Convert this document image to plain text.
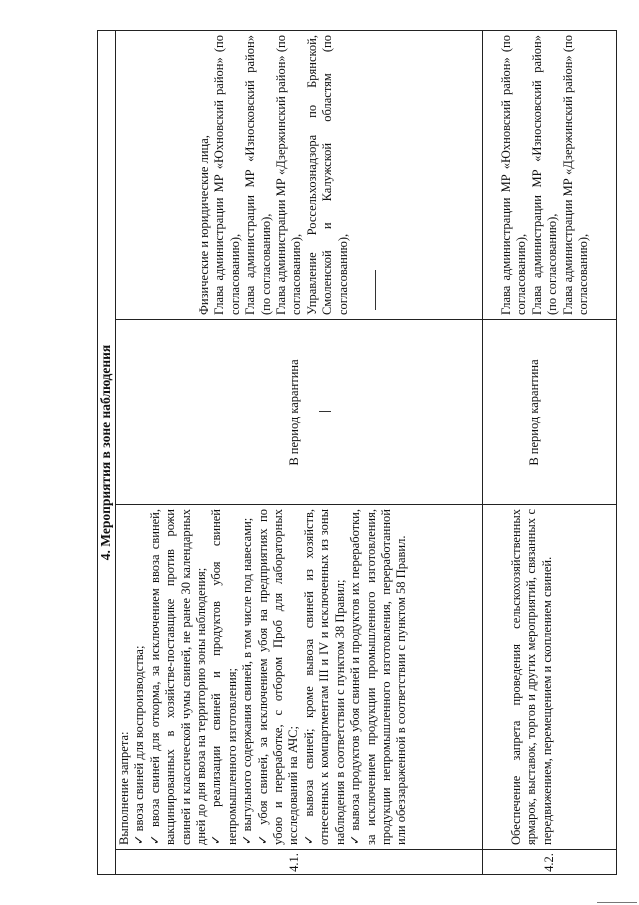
4. Мероприятия в зоне наблюдения
4.1.

Выполнение запрета: ✓ ввоза свиней для воспроизводства; ✓ ввоза свиней для откорма, за исключением ввоза свиней, вакцинированных в хозяйстве-поставщике против рожи свиней и классической чумы свиней, не ранее 30 календарных дней до дня ввоза на территорию зоны наблюдения; ✓ реализации свиней и продуктов убоя свиней непромышленного изготовления; ✓ выгульного содержания свиней, в том числе под навесами; ✓ убоя свиней, за исключением убоя на предприятиях по убою и переработке, с отбором Проб для лабораторных исследований на АЧС; ✓ вывоза свиней; кроме вывоза свиней из хозяйств, отнесенных к компартментам III и IV и исключенных из зоны наблюдения в соответствии с пунктом 38 Правил; ✓ вывоза продуктов убоя свиней и продуктов их переработки, за исключением продукции промышленного изготовления, продукции непромышленного изготовления, переработанной или обеззараженной в соответствии с пунктом 58 Правил.

В период карантина

Физические и юридические лица, Глава администрации МР «Юхновский район» (по согласованию), Глава администрации МР «Износковский район» (по согласованию), Глава администрации МР «Дзержинский район» (по согласованию), Управление Россельхознадзора по Брянской, Смоленской и Калужской областям (по согласованию),

4.2.

Обеспечение запрета проведения сельскохозяйственных ярмарок, выставок, торгов и других мероприятий, связанных с передвижением, перемещением и скоплением свиней.

В период карантина

Глава администрации МР «Юхновский район» (по согласованию), Глава администрации МР «Износковский район» (по согласованию), Глава администрации МР «Дзержинский район» (по согласованию),
